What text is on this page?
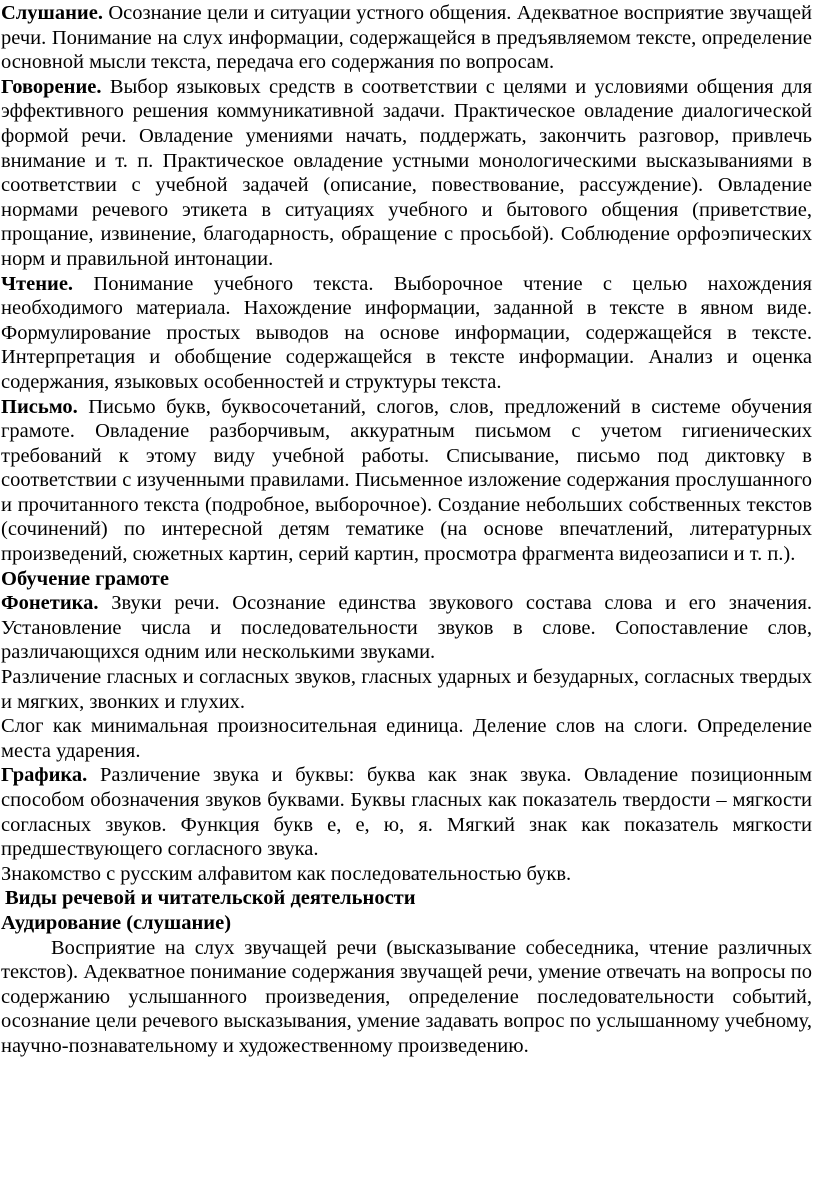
Слушание. Осознание цели и ситуации устного общения. Адекватное восприятие звучащей речи. Понимание на слух информации, содержащейся в предъявляемом тексте, определение основной мысли текста, передача его содержания по вопросам.

Говорение. Выбор языковых средств в соответствии с целями и условиями общения для эффективного решения коммуникативной задачи. Практическое овладение диалогической формой речи. Овладение умениями начать, поддержать, закончить разговор, привлечь внимание и т. п. Практическое овладение устными монологическими высказываниями в соответствии с учебной задачей (описание, повествование, рассуждение). Овладение нормами речевого этикета в ситуациях учебного и бытового общения (приветствие, прощание, извинение, благодарность, обращение с просьбой). Соблюдение орфоэпических норм и правильной интонации.

Чтение. Понимание учебного текста. Выборочное чтение с целью нахождения необходимого материала. Нахождение информации, заданной в тексте в явном виде. Формулирование простых выводов на основе информации, содержащейся в тексте. Интерпретация и обобщение содержащейся в тексте информации. Анализ и оценка содержания, языковых особенностей и структуры текста.

Письмо. Письмо букв, буквосочетаний, слогов, слов, предложений в системе обучения грамоте. Овладение разборчивым, аккуратным письмом с учетом гигиенических требований к этому виду учебной работы. Списывание, письмо под диктовку в соответствии с изученными правилами. Письменное изложение содержания прослушанного и прочитанного текста (подробное, выборочное). Создание небольших собственных текстов (сочинений) по интересной детям тематике (на основе впечатлений, литературных произведений, сюжетных картин, серий картин, просмотра фрагмента видеозаписи и т. п.).

Обучение грамоте

Фонетика. Звуки речи. Осознание единства звукового состава слова и его значения. Установление числа и последовательности звуков в слове. Сопоставление слов, различающихся одним или несколькими звуками.

Различение гласных и согласных звуков, гласных ударных и безударных, согласных твердых и мягких, звонких и глухих.

Слог как минимальная произносительная единица. Деление слов на слоги. Определение места ударения.

Графика. Различение звука и буквы: буква как знак звука. Овладение позиционным способом обозначения звуков буквами. Буквы гласных как показатель твердости – мягкости согласных звуков. Функция букв е, е, ю, я. Мягкий знак как показатель мягкости предшествующего согласного звука.

Знакомство с русским алфавитом как последовательностью букв.

Виды речевой и читательской деятельности

Аудирование (слушание)

Восприятие на слух звучащей речи (высказывание собеседника, чтение различных текстов). Адекватное понимание содержания звучащей речи, умение отвечать на вопросы по содержанию услышанного произведения, определение последовательности событий, осознание цели речевого высказывания, умение задавать вопрос по услышанному учебному, научно-познавательному и художественному произведению.
